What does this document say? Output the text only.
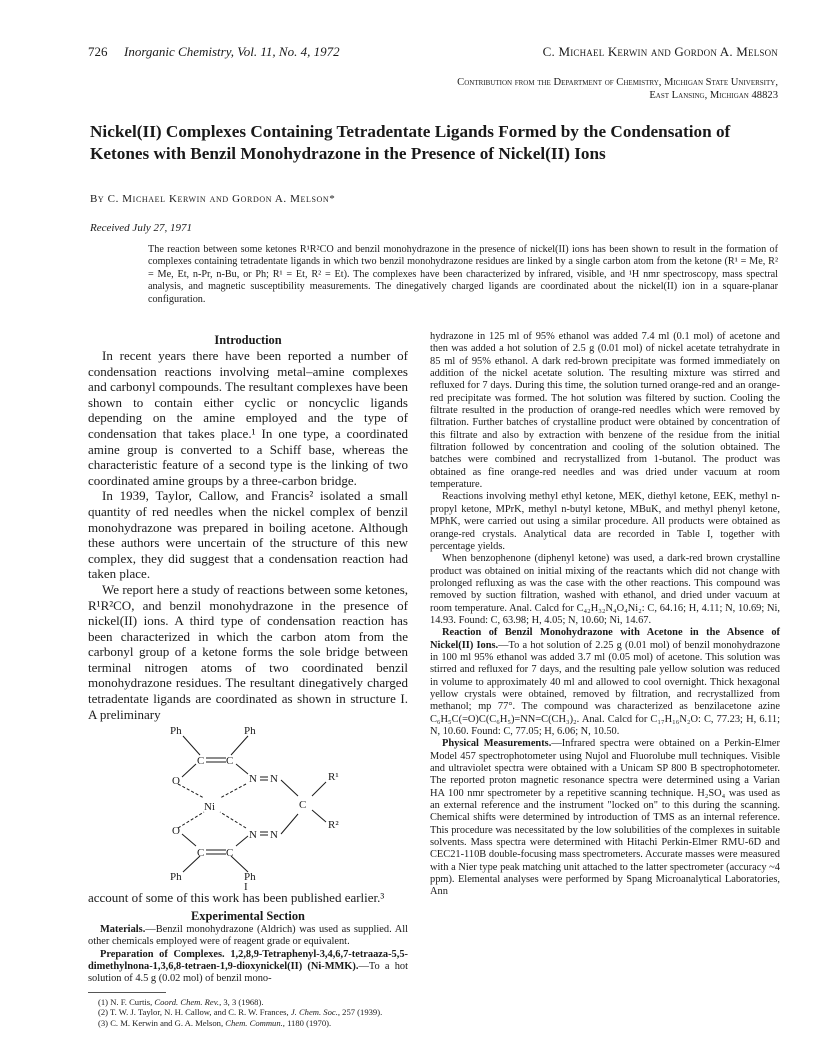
726 Inorganic Chemistry, Vol. 11, No. 4, 1972	C. Michael Kerwin and Gordon A. Melson
Contribution from the Department of Chemistry, Michigan State University,
East Lansing, Michigan 48823
Nickel(II) Complexes Containing Tetradentate Ligands Formed by the Condensation of Ketones with Benzil Monohydrazone in the Presence of Nickel(II) Ions
By C. Michael Kerwin and Gordon A. Melson*
Received July 27, 1971
The reaction between some ketones R¹R²CO and benzil monohydrazone in the presence of nickel(II) ions has been shown to result in the formation of complexes containing tetradentate ligands in which two benzil monohydrazone residues are linked by a single carbon atom from the ketone (R¹ = Me, R² = Me, Et, n-Pr, n-Bu, or Ph; R¹ = Et, R² = Et). The complexes have been characterized by infrared, visible, and ¹H nmr spectroscopy, mass spectral analysis, and magnetic susceptibility measurements. The dinegatively charged ligands are coordinated about the nickel(II) ion in a square-planar configuration.
Introduction

In recent years there have been reported a number of condensation reactions involving metal–amine complexes and carbonyl compounds. The resultant complexes have been shown to contain either cyclic or noncyclic ligands depending on the amine employed and the type of condensation that takes place.¹ In one type, a coordinated amine group is converted to a Schiff base, whereas the characteristic feature of a second type is the linking of two coordinated amine groups by a three-carbon bridge.

In 1939, Taylor, Callow, and Francis² isolated a small quantity of red needles when the nickel complex of benzil monohydrazone was prepared in boiling acetone. Although these authors were uncertain of the structure of this new complex, they did suggest that a condensation reaction had taken place.

We report here a study of reactions between some ketones, R¹R²CO, and benzil monohydrazone in the presence of nickel(II) ions. A third type of condensation reaction has been characterized in which the carbon atom from the carbonyl group of a ketone forms the sole bridge between terminal nitrogen atoms of two coordinated benzil monohydrazone residues. The resultant dinegatively charged tetradentate ligands are coordinated as shown in structure I. A preliminary

Ph	Ph
C C
O	N N	R¹
Ni	C
R²
O	N N
C C
Ph	Ph
I

account of some of this work has been published earlier.³

Experimental Section

Materials.—Benzil monohydrazone (Aldrich) was used as supplied. All other chemicals employed were of reagent grade or equivalent.

Preparation of Complexes. 1,2,8,9-Tetraphenyl-3,4,6,7-tetraaza-5,5-dimethylnona-1,3,6,8-tetraen-1,9-dioxynickel(II) (Ni-MMK).—To a hot solution of 4.5 g (0.02 mol) of benzil mono-

(1) N. F. Curtis, Coord. Chem. Rev., 3, 3 (1968).

(2) T. W. J. Taylor, N. H. Callow, and C. R. W. Frances, J. Chem. Soc., 257 (1939).

(3) C. M. Kerwin and G. A. Melson, Chem. Commun., 1180 (1970).

hydrazone in 125 ml of 95% ethanol was added 7.4 ml (0.1 mol) of acetone and then was added a hot solution of 2.5 g (0.01 mol) of nickel acetate tetrahydrate in 85 ml of 95% ethanol. A dark red-brown precipitate was formed immediately on addition of the nickel acetate solution. The resulting mixture was stirred and refluxed for 7 days. During this time, the solution turned orange-red and an orange-red precipitate was formed. The hot solution was filtered by suction. Cooling the filtrate resulted in the production of orange-red needles which were removed by filtration. Further batches of crystalline product were obtained by concentration of this filtrate and also by extraction with benzene of the residue from the initial filtration followed by concentration and cooling of the solution obtained. The batches were combined and recrystallized from 1-butanol. The product was obtained as fine orange-red needles and was dried under vacuum at room temperature.

Reactions involving methyl ethyl ketone, MEK, diethyl ketone, EEK, methyl n-propyl ketone, MPrK, methyl n-butyl ketone, MBuK, and methyl phenyl ketone, MPhK, were carried out using a similar procedure. All products were obtained as orange-red crystals. Analytical data are recorded in Table I, together with percentage yields.

When benzophenone (diphenyl ketone) was used, a dark-red brown crystalline product was obtained on initial mixing of the reactants which did not change with prolonged refluxing as was the case with the other reactions. This compound was removed by suction filtration, washed with ethanol, and dried under vacuum at room temperature. Anal. Calcd for C₄₂H₃₂N₄O₄Ni₂: C, 64.16; H, 4.11; N, 10.69; Ni, 14.93. Found: C, 63.98; H, 4.05; N, 10.60; Ni, 14.67.

Reaction of Benzil Monohydrazone with Acetone in the Absence of Nickel(II) Ions.—To a hot solution of 2.25 g (0.01 mol) of benzil monohydrazone in 100 ml 95% ethanol was added 3.7 ml (0.05 mol) of acetone. This solution was stirred and refluxed for 7 days, and the resulting pale yellow solution was reduced in volume to approximately 40 ml and allowed to cool overnight. Thick hexagonal yellow crystals were obtained, removed by filtration, and recrystallized from methanol; mp 77°. The compound was characterized as benzilacetone azine C₆H₅C(=O)C(C₆H₅)=NN=C(CH₃)₂. Anal. Calcd for C₁₇H₁₆N₂O: C, 77.23; H, 6.11; N, 10.60. Found: C, 77.05; H, 6.06; N, 10.50.

Physical Measurements.—Infrared spectra were obtained on a Perkin-Elmer Model 457 spectrophotometer using Nujol and Fluorolube mull techniques. Visible and ultraviolet spectra were obtained with a Unicam SP 800 B spectrophotometer. The reported proton magnetic resonance spectra were determined using a Varian HA 100 nmr spectrometer by a repetitive scanning technique. H₂SO₄ was used as an external reference and the instrument "locked on" to this during the scanning. Chemical shifts were determined by introduction of TMS as an internal reference. This procedure was necessitated by the low solubilities of the complexes in suitable solvents. Mass spectra were determined with Hitachi Perkin-Elmer RMU-6D and CEC21-110B double-focusing mass spectrometers. Accurate masses were measured with a Nier type peak matching unit attached to the latter spectrometer (accuracy ~4 ppm). Elemental analyses were performed by Spang Microanalytical Laboratories, Ann
